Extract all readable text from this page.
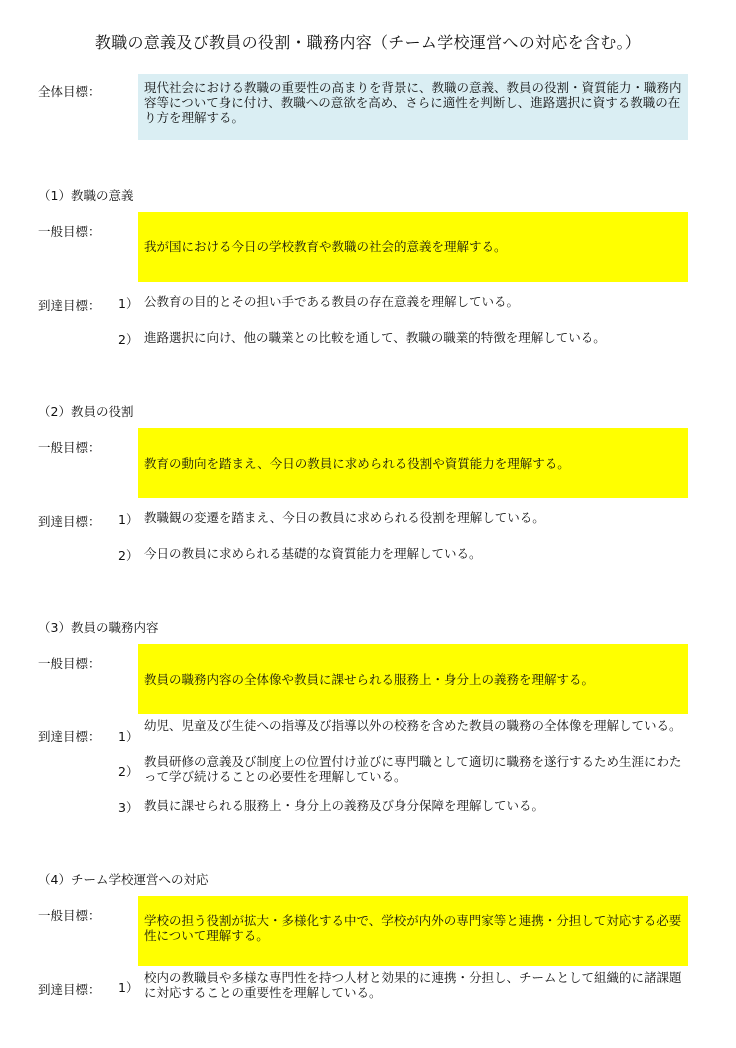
教職の意義及び教員の役割・職務内容（チーム学校運営への対応を含む。）
全体目標：	現代社会における教職の重要性の高まりを背景に、教職の意義、教員の役割・資質能力・職務内容等について身に付け、教職への意欲を高め、さらに適性を判断し、進路選択に資する教職の在り方を理解する。
（1）教職の意義
一般目標：
我が国における今日の学校教育や教職の社会的意義を理解する。
到達目標： 1） 公教育の目的とその担い手である教員の存在意義を理解している。
2） 進路選択に向け、他の職業との比較を通して、教職の職業的特徴を理解している。
（2）教員の役割
一般目標：
教育の動向を踏まえ、今日の教員に求められる役割や資質能力を理解する。
到達目標： 1） 教職観の変遷を踏まえ、今日の教員に求められる役割を理解している。
2） 今日の教員に求められる基礎的な資質能力を理解している。
（3）教員の職務内容
一般目標：
教員の職務内容の全体像や教員に課せられる服務上・身分上の義務を理解する。
到達目標： 1）
幼児、児童及び生徒への指導及び指導以外の校務を含めた教員の職務の全体像を理解している。
2）
教員研修の意義及び制度上の位置付け並びに専門職として適切に職務を遂行するため生涯にわたって学び続けることの必要性を理解している。
3） 教員に課せられる服務上・身分上の義務及び身分保障を理解している。
（4）チーム学校運営への対応
一般目標：	学校の担う役割が拡大・多様化する中で、学校が内外の専門家等と連携・分担して対応する必要性について理解する。
到達目標： 1）
校内の教職員や多様な専門性を持つ人材と効果的に連携・分担し、チームとして組織的に諸課題に対応することの重要性を理解している。
